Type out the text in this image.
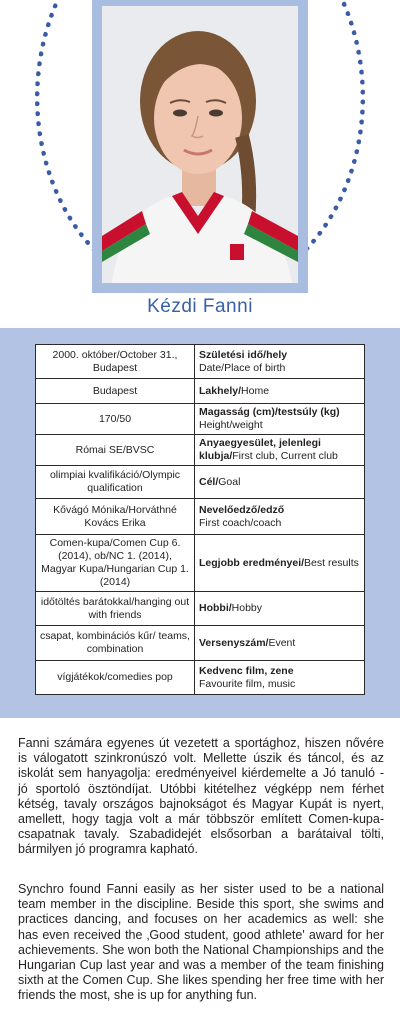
Kézdi Fanni
2000. október/October 31., Budapest	Születési idő/hely
Date/Place of birth
Budapest	Lakhely/Home
170/50	Magasság (cm)/testsúly (kg)
Height/weight
Római SE/BVSC	Anyaegyesület, jelenlegi klubja/First club, Current club
olimpiai kvalifikáció/Olympic qualification	Cél/Goal
Kővágó Mónika/Horváthné Kovács Erika	Nevelőedző/edző
First coach/coach
Comen-kupa/Comen Cup 6. (2014), ob/NC 1. (2014), Magyar Kupa/Hungarian Cup 1. (2014)	Legjobb eredményei/Best results
időtöltés barátokkal/hanging out with friends	Hobbi/Hobby
csapat, kombinációs kűr/ teams, combination	Versenyszám/Event
vígjátékok/comedies pop	Kedvenc film, zene
Favourite film, music

Fanni számára egyenes út vezetett a sportághoz, hiszen nővére is válogatott szinkronúszó volt. Mellette úszik és táncol, és az iskolát sem hanyagolja: eredményeivel kiérdemelte a Jó tanuló - jó sportoló ösztöndíjat. Utóbbi kitételhez végképp nem férhet kétség, tavaly országos bajnokságot és Magyar Kupát is nyert, amellett, hogy tagja volt a már többször említett Comen-kupa-csapatnak tavaly. Szabadidejét elsősorban a barátaival tölti, bármilyen jó programra kapható.

Synchro found Fanni easily as her sister used to be a national team member in the discipline. Beside this sport, she swims and practices dancing, and focuses on her academics as well: she has even received the ‚Good student, good athlete' award for her achievements. She won both the National Championships and the Hungarian Cup last year and was a member of the team finishing sixth at the Comen Cup. She likes spending her free time with her friends the most, she is up for anything fun.
